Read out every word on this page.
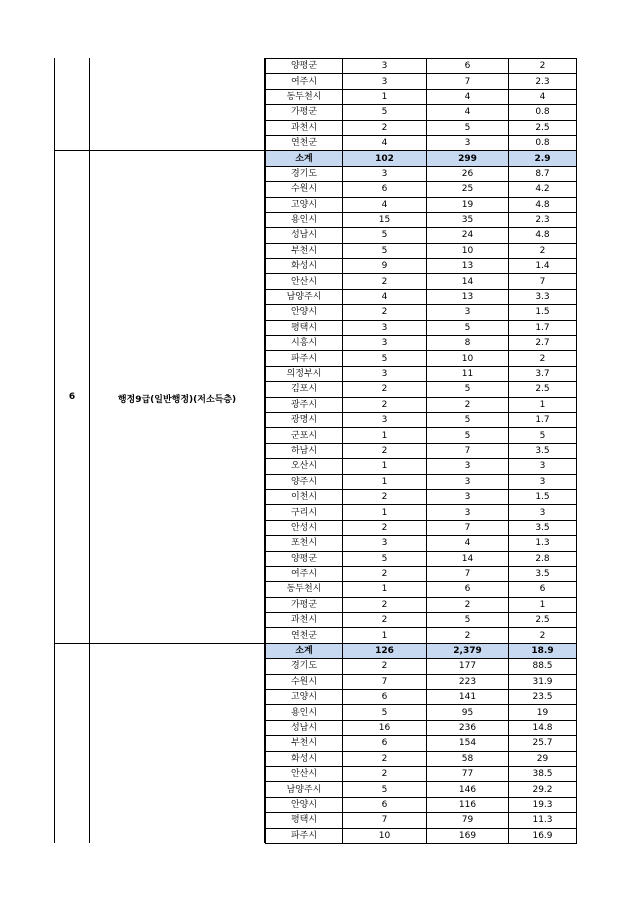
6	행정9급(일반행정)(저소득층)
양평군	3	6	2
여주시	3	7	2.3
동두천시	1	4	4
가평군	5	4	0.8
과천시	2	5	2.5
연천군	4	3	0.8
소계	102	299	2.9
경기도	3	26	8.7
수원시	6	25	4.2
고양시	4	19	4.8
용인시	15	35	2.3
성남시	5	24	4.8
부천시	5	10	2
화성시	9	13	1.4
안산시	2	14	7
남양주시	4	13	3.3
안양시	2	3	1.5
평택시	3	5	1.7
시흥시	3	8	2.7
파주시	5	10	2
의정부시	3	11	3.7
김포시	2	5	2.5
광주시	2	2	1
광명시	3	5	1.7
군포시	1	5	5
하남시	2	7	3.5
오산시	1	3	3
양주시	1	3	3
이천시	2	3	1.5
구리시	1	3	3
안성시	2	7	3.5
포천시	3	4	1.3
양평군	5	14	2.8
여주시	2	7	3.5
동두천시	1	6	6
가평군	2	2	1
과천시	2	5	2.5
연천군	1	2	2
소계	126	2,379	18.9
경기도	2	177	88.5
수원시	7	223	31.9
고양시	6	141	23.5
용인시	5	95	19
성남시	16	236	14.8
부천시	6	154	25.7
화성시	2	58	29
안산시	2	77	38.5
남양주시	5	146	29.2
안양시	6	116	19.3
평택시	7	79	11.3
파주시	10	169	16.9
